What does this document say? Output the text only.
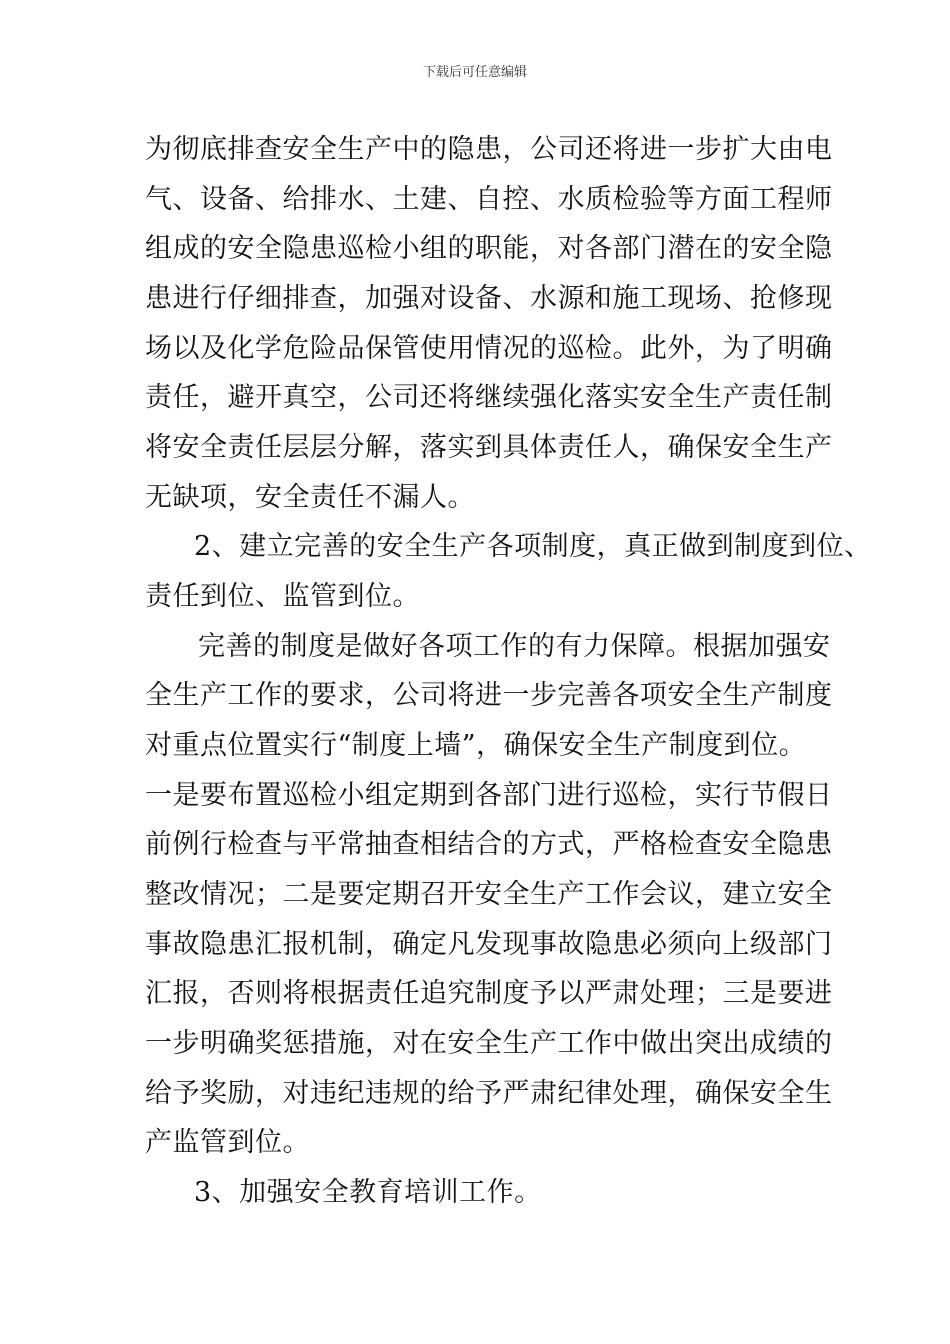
下载后可任意编辑
为彻底排查安全生产中的隐患，公司还将进一步扩大由电
气、设备、给排水、土建、自控、水质检验等方面工程师
组成的安全隐患巡检小组的职能，对各部门潜在的安全隐
患进行仔细排查，加强对设备、水源和施工现场、抢修现
场以及化学危险品保管使用情况的巡检。此外，为了明确
责任，避开真空，公司还将继续强化落实安全生产责任制
将安全责任层层分解，落实到具体责任人，确保安全生产
无缺项，安全责任不漏人。
2、建立完善的安全生产各项制度，真正做到制度到位、
责任到位、监管到位。
完善的制度是做好各项工作的有力保障。根据加强安
全生产工作的要求，公司将进一步完善各项安全生产制度
对重点位置实行“制度上墙”，确保安全生产制度到位。
一是要布置巡检小组定期到各部门进行巡检，实行节假日
前例行检查与平常抽查相结合的方式，严格检查安全隐患
整改情况；二是要定期召开安全生产工作会议，建立安全
事故隐患汇报机制，确定凡发现事故隐患必须向上级部门
汇报，否则将根据责任追究制度予以严肃处理；三是要进
一步明确奖惩措施，对在安全生产工作中做出突出成绩的
给予奖励，对违纪违规的给予严肃纪律处理，确保安全生
产监管到位。
3、加强安全教育培训工作。
